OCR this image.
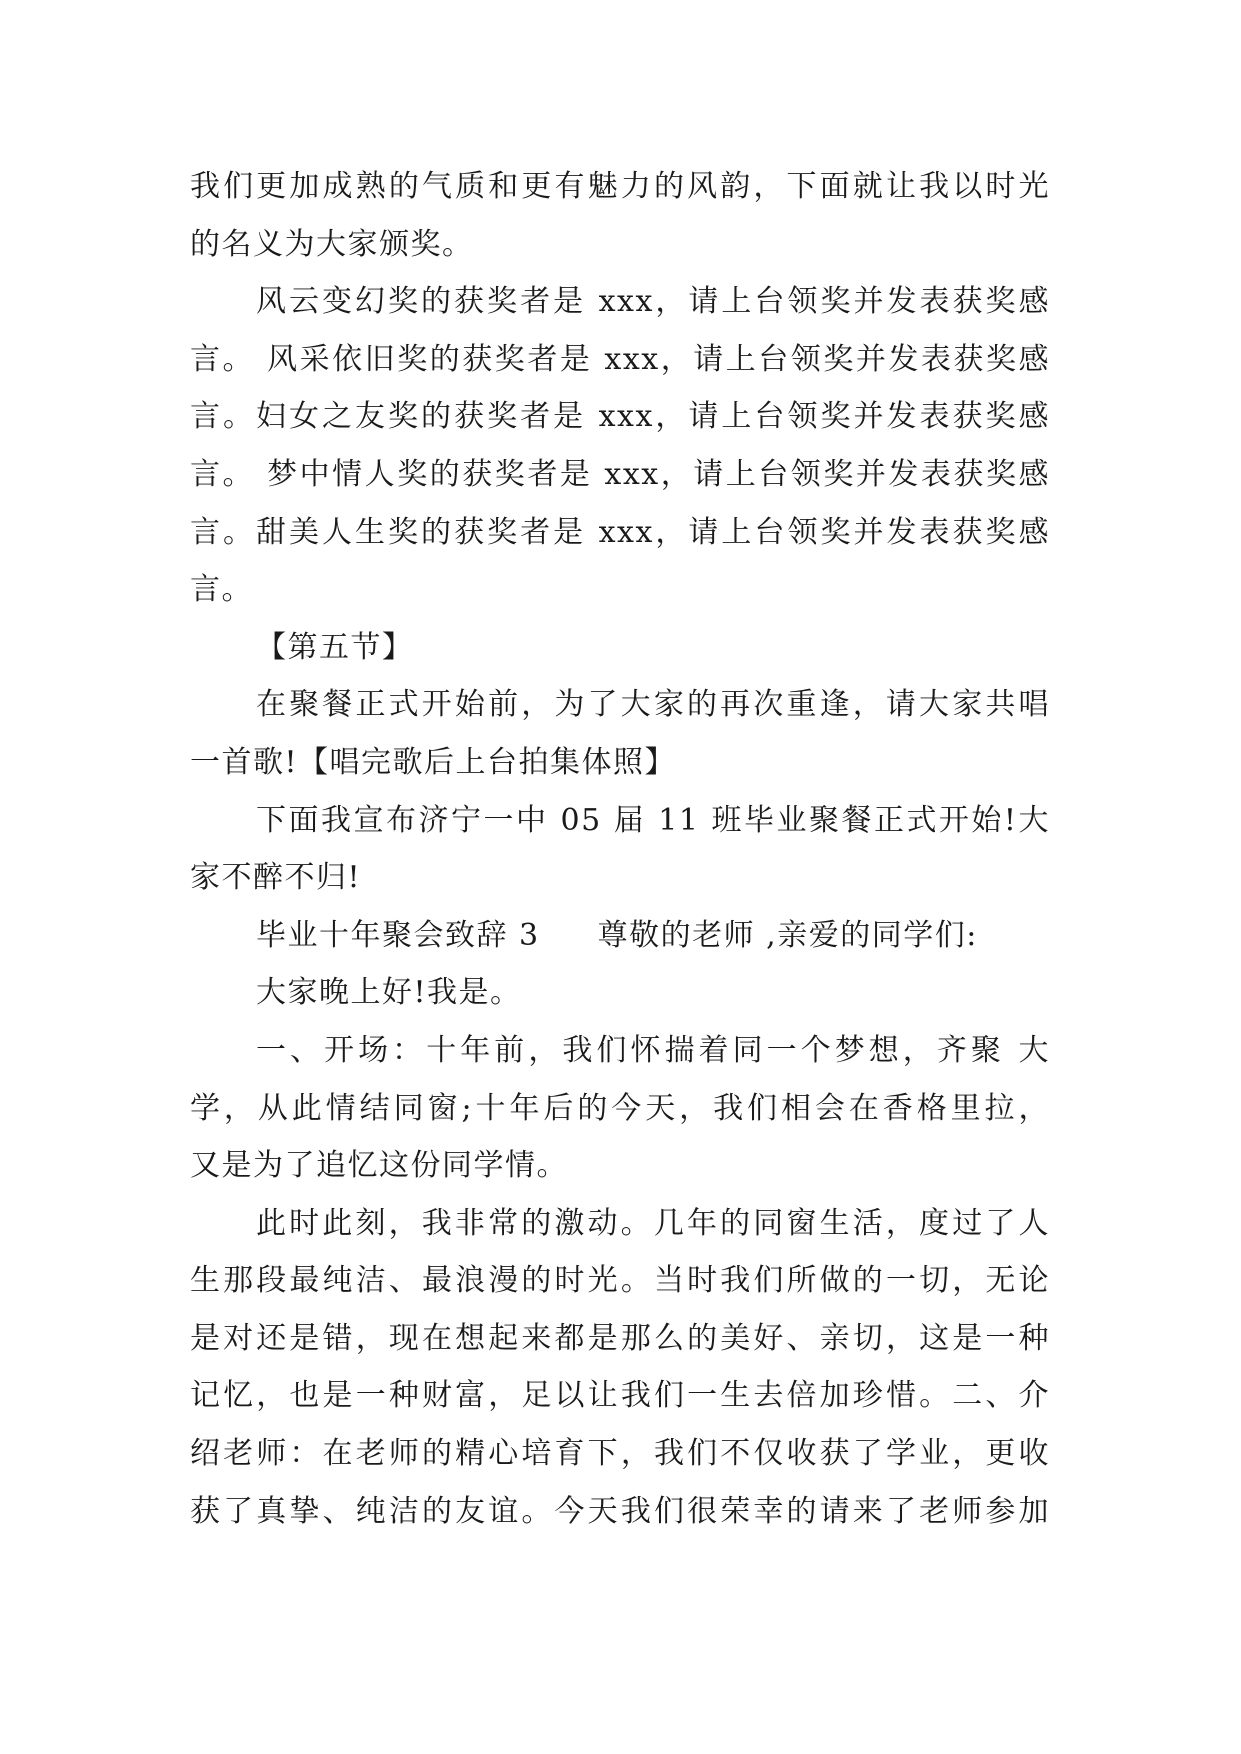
我们更加成熟的气质和更有魅力的风韵，下面就让我以时光
的名义为大家颁奖。
风云变幻奖的获奖者是 xxx，请上台领奖并发表获奖感
言。 风采依旧奖的获奖者是 xxx，请上台领奖并发表获奖感
言。妇女之友奖的获奖者是 xxx，请上台领奖并发表获奖感
言。 梦中情人奖的获奖者是 xxx，请上台领奖并发表获奖感
言。甜美人生奖的获奖者是 xxx，请上台领奖并发表获奖感
言。
【第五节】
在聚餐正式开始前，为了大家的再次重逢，请大家共唱
一首歌!【唱完歌后上台拍集体照】
下面我宣布济宁一中 05 届 11 班毕业聚餐正式开始!大
家不醉不归!
毕业十年聚会致辞 3 尊敬的老师 ,亲爱的同学们:
大家晚上好!我是。
一、开场：十年前，我们怀揣着同一个梦想，齐聚 大
学，从此情结同窗;十年后的今天，我们相会在香格里拉，
又是为了追忆这份同学情。
此时此刻，我非常的激动。几年的同窗生活，度过了人
生那段最纯洁、最浪漫的时光。当时我们所做的一切，无论
是对还是错，现在想起来都是那么的美好、亲切，这是一种
记忆，也是一种财富，足以让我们一生去倍加珍惜。二、介
绍老师：在老师的精心培育下，我们不仅收获了学业，更收
获了真挚、纯洁的友谊。今天我们很荣幸的请来了老师参加
